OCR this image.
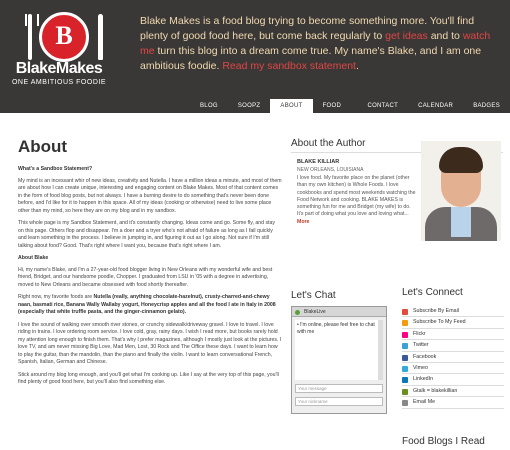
B
BlakeMakes
ONE AMBITIOUS FOODIE
Blake Makes is a food blog trying to become something more. You'll find plenty of good food here, but come back regularly to get ideas and to watch me turn this blog into a dream come true. My name's Blake, and I am one ambitious foodie. Read my sandbox statement.
BLOG	SOOPZ	ABOUT	FOOD CHAIN
CONTACT	CALENDAR	BADGES
About

What's a Sandbox Statement?

My mind is an incessant whir of new ideas, creativity and Nutella. I have a million ideas a minute, and most of them are about how I can create unique, interesting and engaging content on Blake Makes. Most of that content comes in the form of food blog posts, but not always. I have a burning desire to do something that's never been done before, and I'd like for it to happen in this space. All of my ideas (cooking or otherwise) need to live some place other than my mind, so here they are on my blog and in my sandbox.

This whole page is my Sandbox Statement, and it's constantly changing. Ideas come and go. Some fly, and stay on this page. Others flop and disappear. I'm a doer and a tryer who's not afraid of failure as long as I fail quickly and learn something in the process. I believe in jumping in, and figuring it out as I go along. Not sure if I'm still talking about food? Good. That's right where I want you, because that's right where I am.

About Blake

Hi, my name's Blake, and I'm a 27-year-old food blogger living in New Orleans with my wonderful wife and best friend, Bridget, and our handsome poodle, Chopper. I graduated from LSU in '05 with a degree in advertising, moved to New Orleans and became obsessed with food shortly thereafter.

Right now, my favorite foods are Nutella (really, anything chocolate-hazelnut), crusty-charred-and-chewy naan, basmati rice, Banana Wally Wallaby yogurt, Honeycrisp apples and all the food I ate in Italy in 2008 (especially that white truffle pasta, and the ginger-cinnamon gelato).

I love the sound of walking over smooth river stones, or crunchy sidewalk/driveway gravel. I love to travel. I love riding in trains. I love ordering room service. I love cold, gray, rainy days. I wish I read more, but books rarely hold my attention long enough to finish them. That's why I prefer magazines, although I mostly just look at the pictures. I love TV, and am never missing Big Love, Mad Men, Lost, 30 Rock and The Office these days. I want to learn how to play the guitar, than the mandolin, than the piano and finally the violin. I want to learn conversational French, Spanish, Italian, German and Chinese.

Stick around my blog long enough, and you'll get what I'm cooking up. Like I say at the very top of this page, you'll find plenty of good food here, but you'll also find something else.

About the Author
BLAKE KILLIAR
NEW ORLEANS, LOUISIANA
I love food. My favorite place on the planet (other than my own kitchen) is Whole Foods. I love cookbooks and spend most weekends watching the Food Network and cooking. BLAKE MAKES is something fun for me and Bridget (my wife) to do. It's part of doing what you love and loving what... More
Let's Chat
BlakeLive
• I'm online, please feel free to chat with me
Your message
Your nickname
Let's Connect
Subscribe By Email
Subscribe To My Feed
Flickr
Twitter
Facebook
Vimeo
LinkedIn
Gtalk = blakekillian
Email Me
Food Blogs I Read
